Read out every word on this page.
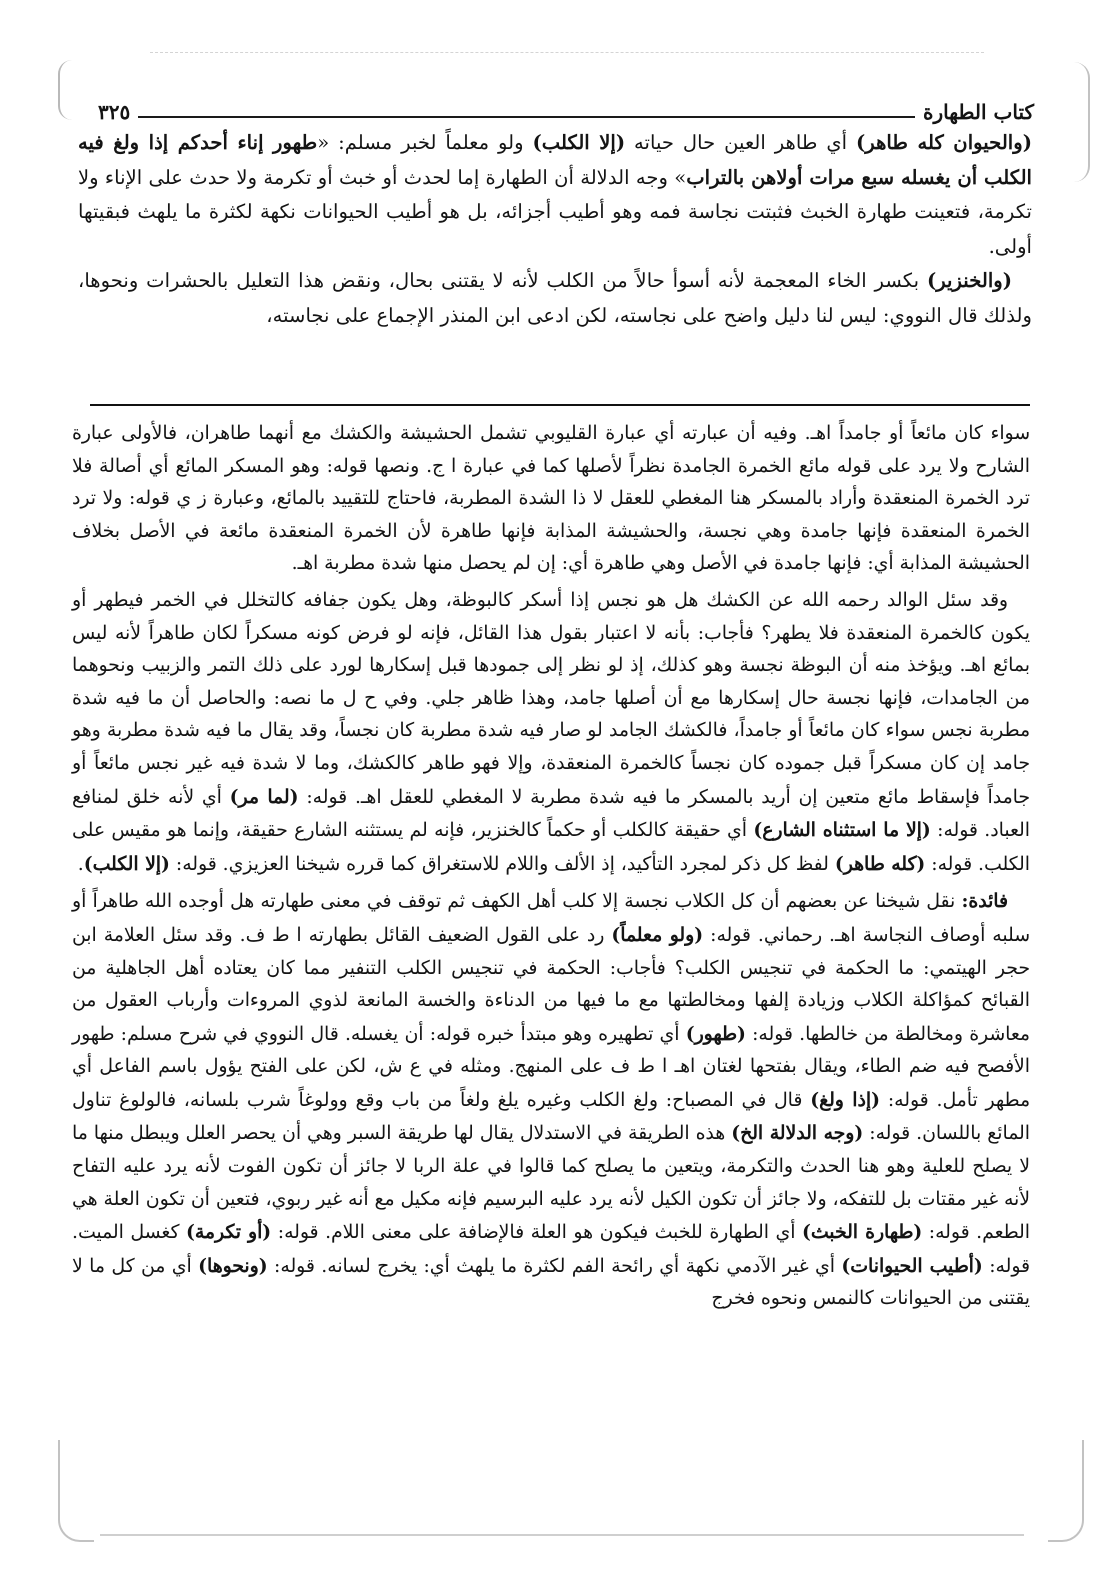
كتاب الطهارة
٣٢٥

(والحيوان كله طاهر) أي طاهر العين حال حياته (إلا الكلب) ولو معلماً لخبر مسلم: «طهور إناء أحدكم إذا ولغ فيه الكلب أن يغسله سبع مرات أولاهن بالتراب» وجه الدلالة أن الطهارة إما لحدث أو خبث أو تكرمة ولا حدث على الإناء ولا تكرمة، فتعينت طهارة الخبث فثبتت نجاسة فمه وهو أطيب أجزائه، بل هو أطيب الحيوانات نكهة لكثرة ما يلهث فبقيتها أولى.

(والخنزير) بكسر الخاء المعجمة لأنه أسوأ حالاً من الكلب لأنه لا يقتنى بحال، ونقض هذا التعليل بالحشرات ونحوها، ولذلك قال النووي: ليس لنا دليل واضح على نجاسته، لكن ادعى ابن المنذر الإجماع على نجاسته،

سواء كان مائعاً أو جامداً اهـ. وفيه أن عبارته أي عبارة القليوبي تشمل الحشيشة والكشك مع أنهما طاهران، فالأولى عبارة الشارح ولا يرد على قوله مائع الخمرة الجامدة نظراً لأصلها كما في عبارة ا ج. ونصها قوله: وهو المسكر المائع أي أصالة فلا ترد الخمرة المنعقدة وأراد بالمسكر هنا المغطي للعقل لا ذا الشدة المطربة، فاحتاج للتقييد بالمائع، وعبارة ز ي قوله: ولا ترد الخمرة المنعقدة فإنها جامدة وهي نجسة، والحشيشة المذابة فإنها طاهرة لأن الخمرة المنعقدة مائعة في الأصل بخلاف الحشيشة المذابة أي: فإنها جامدة في الأصل وهي طاهرة أي: إن لم يحصل منها شدة مطربة اهـ.

وقد سئل الوالد رحمه الله عن الكشك هل هو نجس إذا أسكر كالبوظة، وهل يكون جفافه كالتخلل في الخمر فيطهر أو يكون كالخمرة المنعقدة فلا يطهر؟ فأجاب: بأنه لا اعتبار بقول هذا القائل، فإنه لو فرض كونه مسكراً لكان طاهراً لأنه ليس بمائع اهـ. ويؤخذ منه أن البوظة نجسة وهو كذلك، إذ لو نظر إلى جمودها قبل إسكارها لورد على ذلك التمر والزبيب ونحوهما من الجامدات، فإنها نجسة حال إسكارها مع أن أصلها جامد، وهذا ظاهر جلي. وفي ح ل ما نصه: والحاصل أن ما فيه شدة مطربة نجس سواء كان مائعاً أو جامداً، فالكشك الجامد لو صار فيه شدة مطربة كان نجساً، وقد يقال ما فيه شدة مطربة وهو جامد إن كان مسكراً قبل جموده كان نجساً كالخمرة المنعقدة، وإلا فهو طاهر كالكشك، وما لا شدة فيه غير نجس مائعاً أو جامداً فإسقاط مائع متعين إن أريد بالمسكر ما فيه شدة مطربة لا المغطي للعقل اهـ. قوله: (لما مر) أي لأنه خلق لمنافع العباد. قوله: (إلا ما استثناه الشارع) أي حقيقة كالكلب أو حكماً كالخنزير، فإنه لم يستثنه الشارع حقيقة، وإنما هو مقيس على الكلب. قوله: (كله طاهر) لفظ كل ذكر لمجرد التأكيد، إذ الألف واللام للاستغراق كما قرره شيخنا العزيزي. قوله: (إلا الكلب).

فائدة: نقل شيخنا عن بعضهم أن كل الكلاب نجسة إلا كلب أهل الكهف ثم توقف في معنى طهارته هل أوجده الله طاهراً أو سلبه أوصاف النجاسة اهـ. رحماني. قوله: (ولو معلماً) رد على القول الضعيف القائل بطهارته ا ط ف. وقد سئل العلامة ابن حجر الهيتمي: ما الحكمة في تنجيس الكلب؟ فأجاب: الحكمة في تنجيس الكلب التنفير مما كان يعتاده أهل الجاهلية من القبائح كمؤاكلة الكلاب وزيادة إلفها ومخالطتها مع ما فيها من الدناءة والخسة المانعة لذوي المروءات وأرباب العقول من معاشرة ومخالطة من خالطها. قوله: (طهور) أي تطهيره وهو مبتدأ خبره قوله: أن يغسله. قال النووي في شرح مسلم: طهور الأفصح فيه ضم الطاء، ويقال بفتحها لغتان اهـ ا ط ف على المنهج. ومثله في ع ش، لكن على الفتح يؤول باسم الفاعل أي مطهر تأمل. قوله: (إذا ولغ) قال في المصباح: ولغ الكلب وغيره يلغ ولغاً من باب وقع وولوغاً شرب بلسانه، فالولوغ تناول المائع باللسان. قوله: (وجه الدلالة الخ) هذه الطريقة في الاستدلال يقال لها طريقة السبر وهي أن يحصر العلل ويبطل منها ما لا يصلح للعلية وهو هنا الحدث والتكرمة، ويتعين ما يصلح كما قالوا في علة الربا لا جائز أن تكون الفوت لأنه يرد عليه التفاح لأنه غير مقتات بل للتفكه، ولا جائز أن تكون الكيل لأنه يرد عليه البرسيم فإنه مكيل مع أنه غير ربوي، فتعين أن تكون العلة هي الطعم. قوله: (طهارة الخبث) أي الطهارة للخبث فيكون هو العلة فالإضافة على معنى اللام. قوله: (أو تكرمة) كغسل الميت. قوله: (أطيب الحيوانات) أي غير الآدمي نكهة أي رائحة الفم لكثرة ما يلهث أي: يخرج لسانه. قوله: (ونحوها) أي من كل ما لا يقتنى من الحيوانات كالنمس ونحوه فخرج
